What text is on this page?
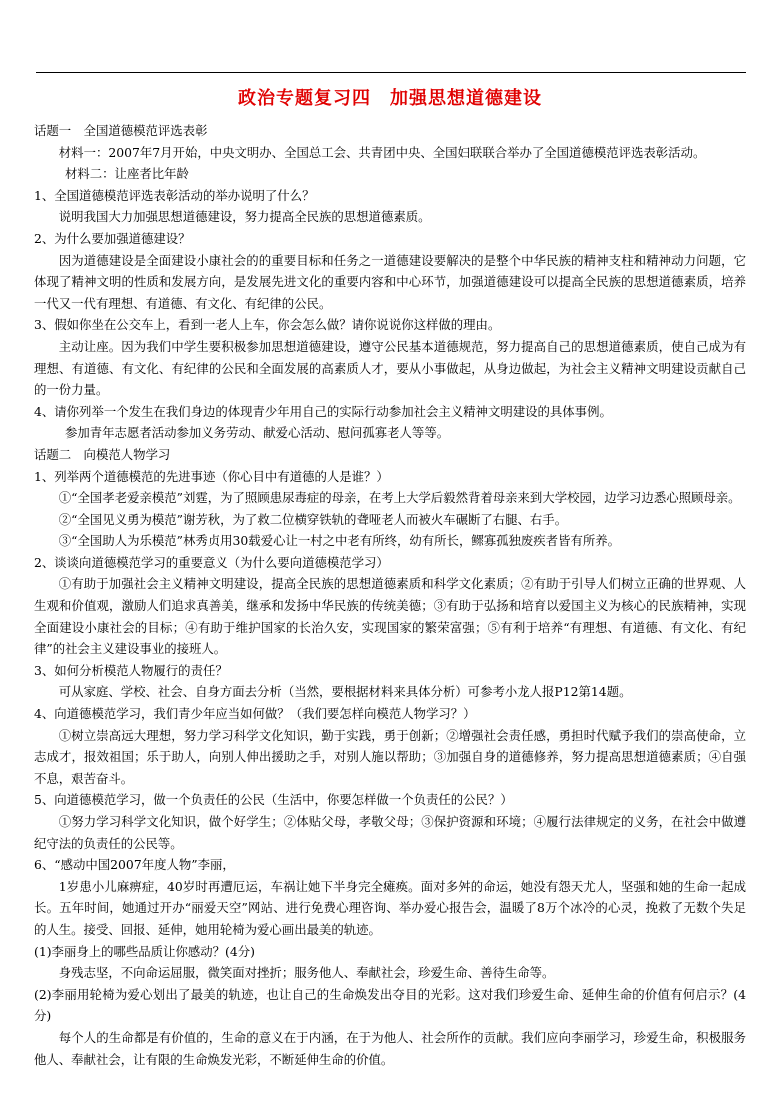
政治专题复习四　加强思想道德建设

话题一　全国道德模范评选表彰

材料一：2007年7月开始，中央文明办、全国总工会、共青团中央、全国妇联联合举办了全国道德模范评选表彰活动。

材料二：让座者比年龄

1、全国道德模范评选表彰活动的举办说明了什么？

说明我国大力加强思想道德建设，努力提高全民族的思想道德素质。

2、为什么要加强道德建设？

因为道德建设是全面建设小康社会的的重要目标和任务之一道德建设要解决的是整个中华民族的精神支柱和精神动力问题，它体现了精神文明的性质和发展方向，是发展先进文化的重要内容和中心环节，加强道德建设可以提高全民族的思想道德素质，培养一代又一代有理想、有道德、有文化、有纪律的公民。

3、假如你坐在公交车上，看到一老人上车，你会怎么做？请你说说你这样做的理由。

主动让座。因为我们中学生要积极参加思想道德建设，遵守公民基本道德规范，努力提高自己的思想道德素质，使自己成为有理想、有道德、有文化、有纪律的公民和全面发展的高素质人才，要从小事做起，从身边做起，为社会主义精神文明建设贡献自己的一份力量。

4、请你列举一个发生在我们身边的体现青少年用自己的实际行动参加社会主义精神文明建设的具体事例。

参加青年志愿者活动参加义务劳动、献爱心活动、慰问孤寡老人等等。

话题二　向模范人物学习

1、列举两个道德模范的先进事迹（你心目中有道德的人是谁？）

①“全国孝老爱亲模范”刘霆，为了照顾患尿毒症的母亲，在考上大学后毅然背着母亲来到大学校园，边学习边悉心照顾母亲。

②“全国见义勇为模范”谢芳秋，为了救二位横穿铁轨的聋哑老人而被火车碾断了右腿、右手。

③“全国助人为乐模范”林秀贞用30载爱心让一村之中老有所终，幼有所长，鳏寡孤独废疾者皆有所养。

2、谈谈向道德模范学习的重要意义（为什么要向道德模范学习）

①有助于加强社会主义精神文明建设，提高全民族的思想道德素质和科学文化素质；②有助于引导人们树立正确的世界观、人生观和价值观，激励人们追求真善美，继承和发扬中华民族的传统美德；③有助于弘扬和培育以爱国主义为核心的民族精神，实现全面建设小康社会的目标；④有助于维护国家的长治久安，实现国家的繁荣富强；⑤有利于培养“有理想、有道德、有文化、有纪律”的社会主义建设事业的接班人。

3、如何分析模范人物履行的责任？

可从家庭、学校、社会、自身方面去分析（当然，要根据材料来具体分析）可参考小龙人报P12第14题。

4、向道德模范学习，我们青少年应当如何做？（我们要怎样向模范人物学习？）

①树立崇高远大理想，努力学习科学文化知识，勤于实践，勇于创新；②增强社会责任感，勇担时代赋予我们的崇高使命，立志成才，报效祖国；乐于助人，向别人伸出援助之手，对别人施以帮助；③加强自身的道德修养，努力提高思想道德素质；④自强不息，艰苦奋斗。

5、向道德模范学习，做一个负责任的公民（生活中，你要怎样做一个负责任的公民？）

①努力学习科学文化知识，做个好学生；②体贴父母，孝敬父母；③保护资源和环境；④履行法律规定的义务，在社会中做遵纪守法的负责任的公民等。

6、“感动中国2007年度人物”李丽，

1岁患小儿麻痹症，40岁时再遭厄运，车祸让她下半身完全瘫痪。面对多舛的命运，她没有怨天尤人，坚强和她的生命一起成长。五年时间，她通过开办“丽爱天空”网站、进行免费心理咨询、举办爱心报告会，温暖了8万个冰冷的心灵，挽救了无数个失足的人生。接受、回报、延伸，她用轮椅为爱心画出最美的轨迹。

(1)李丽身上的哪些品质让你感动？(4分)

身残志坚，不向命运屈服，微笑面对挫折；服务他人、奉献社会，珍爱生命、善待生命等。

(2)李丽用轮椅为爱心划出了最美的轨迹，也让自己的生命焕发出夺目的光彩。这对我们珍爱生命、延伸生命的价值有何启示？(4分)

每个人的生命都是有价值的，生命的意义在于内涵，在于为他人、社会所作的贡献。我们应向李丽学习，珍爱生命，积极服务他人、奉献社会，让有限的生命焕发光彩，不断延伸生命的价值。
